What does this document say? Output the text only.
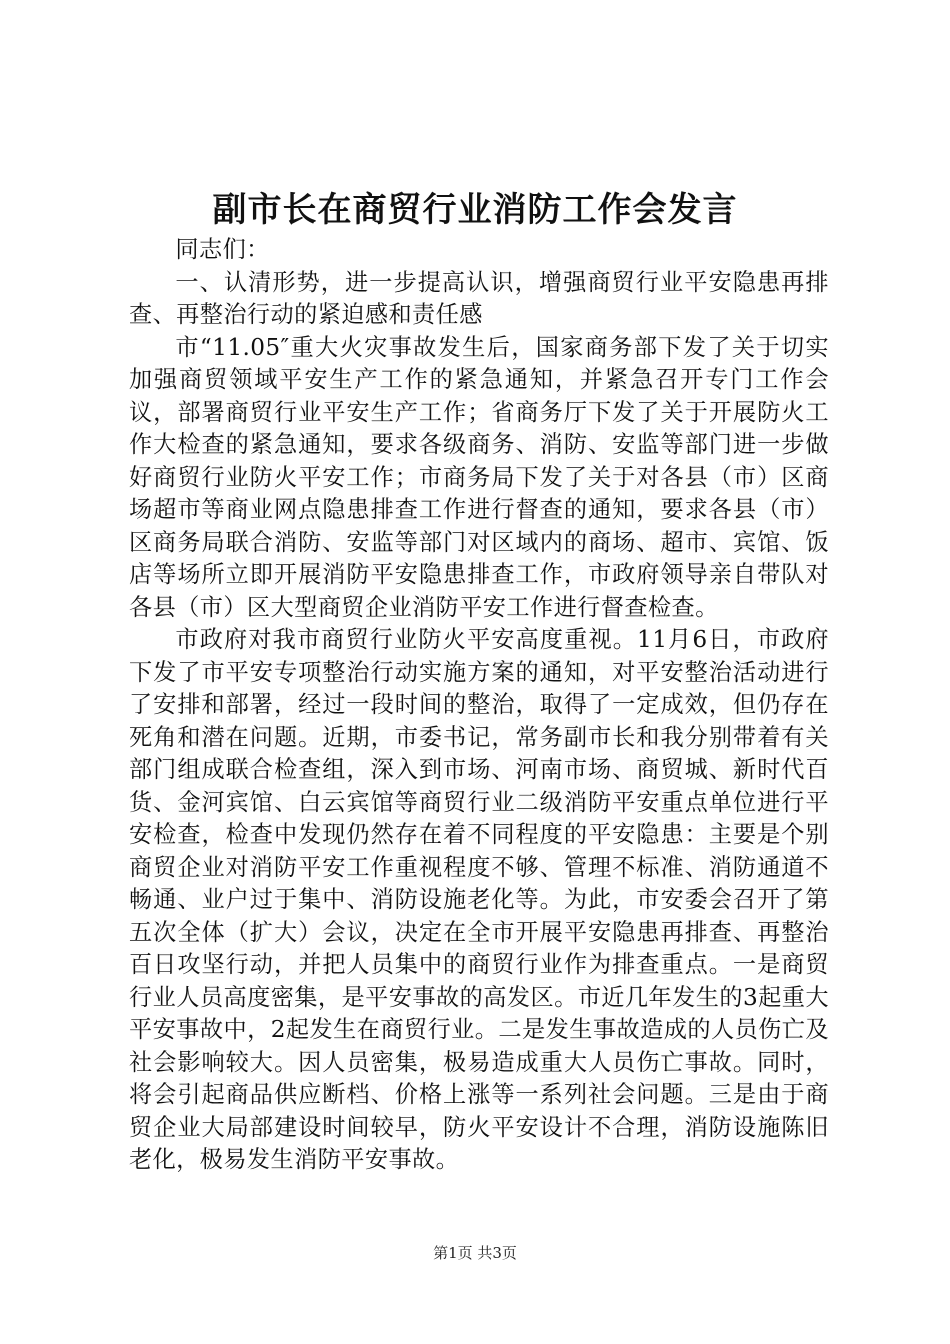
副市长在商贸行业消防工作会发言

同志们：

一、认清形势，进一步提高认识，增强商贸行业平安隐患再排查、再整治行动的紧迫感和责任感

市“11.05″重大火灾事故发生后，国家商务部下发了关于切实加强商贸领域平安生产工作的紧急通知，并紧急召开专门工作会议，部署商贸行业平安生产工作；省商务厅下发了关于开展防火工作大检查的紧急通知，要求各级商务、消防、安监等部门进一步做好商贸行业防火平安工作；市商务局下发了关于对各县（市）区商场超市等商业网点隐患排查工作进行督查的通知，要求各县（市）区商务局联合消防、安监等部门对区域内的商场、超市、宾馆、饭店等场所立即开展消防平安隐患排查工作，市政府领导亲自带队对各县（市）区大型商贸企业消防平安工作进行督查检查。

市政府对我市商贸行业防火平安高度重视。11月6日，市政府下发了市平安专项整治行动实施方案的通知，对平安整治活动进行了安排和部署，经过一段时间的整治，取得了一定成效，但仍存在死角和潜在问题。近期，市委书记，常务副市长和我分别带着有关部门组成联合检查组，深入到市场、河南市场、商贸城、新时代百货、金河宾馆、白云宾馆等商贸行业二级消防平安重点单位进行平安检查，检查中发现仍然存在着不同程度的平安隐患：主要是个别商贸企业对消防平安工作重视程度不够、管理不标准、消防通道不畅通、业户过于集中、消防设施老化等。为此，市安委会召开了第五次全体（扩大）会议，决定在全市开展平安隐患再排查、再整治百日攻坚行动，并把人员集中的商贸行业作为排查重点。一是商贸行业人员高度密集，是平安事故的高发区。市近几年发生的3起重大平安事故中，2起发生在商贸行业。二是发生事故造成的人员伤亡及社会影响较大。因人员密集，极易造成重大人员伤亡事故。同时，将会引起商品供应断档、价格上涨等一系列社会问题。三是由于商贸企业大局部建设时间较早，防火平安设计不合理，消防设施陈旧老化，极易发生消防平安事故。

第1页 共3页
